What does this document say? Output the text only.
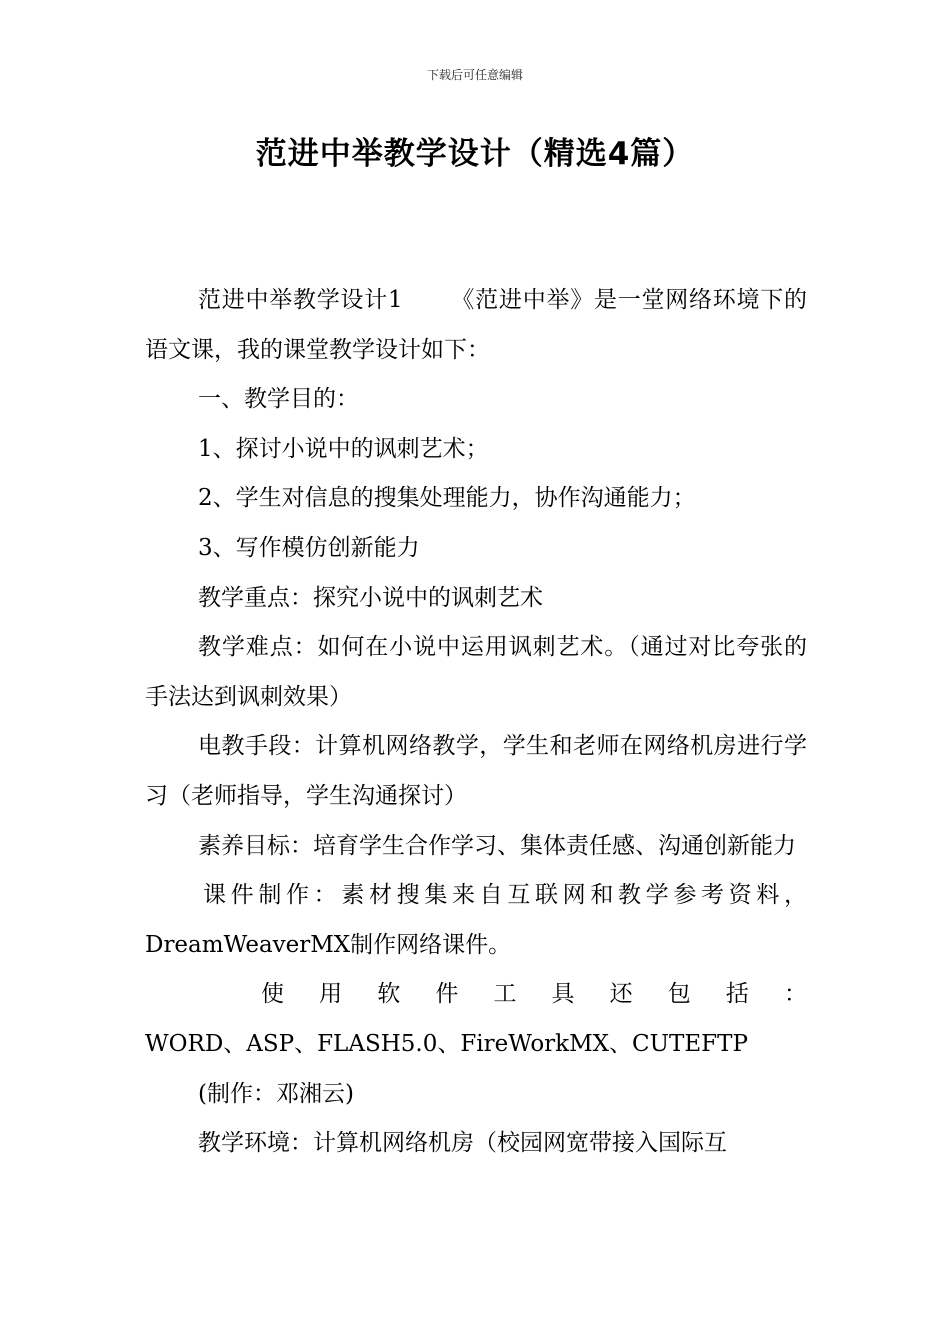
下载后可任意编辑
范进中举教学设计（精选4篇）

范进中举教学设计1 《范进中举》是一堂网络环境下的语文课，我的课堂教学设计如下：

一、教学目的：

1、探讨小说中的讽刺艺术；

2、学生对信息的搜集处理能力，协作沟通能力；

3、写作模仿创新能力

教学重点：探究小说中的讽刺艺术

教学难点：如何在小说中运用讽刺艺术。（通过对比夸张的手法达到讽刺效果）

电教手段：计算机网络教学，学生和老师在网络机房进行学习（老师指导，学生沟通探讨）

素养目标：培育学生合作学习、集体责任感、沟通创新能力

课件制作：素材搜集来自互联网和教学参考资料，DreamWeaverMX制作网络课件。

使用软件工具还包括：

WORD、ASP、FLASH5.0、FireWorkMX、CUTEFTP

(制作：邓湘云)

教学环境：计算机网络机房（校园网宽带接入国际互
